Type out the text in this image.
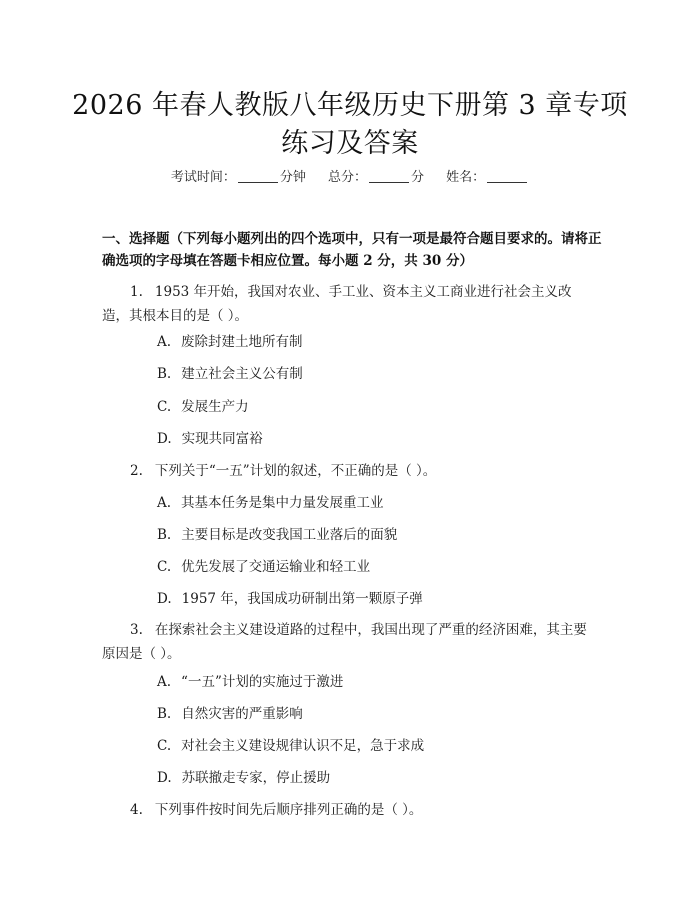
2026 年春人教版八年级历史下册第 3 章专项
练习及答案
考试时间：	分钟 总分：	分 姓名：
一、选择题（下列每小题列出的四个选项中，只有一项是最符合题目要求的。请将正确选项的字母填在答题卡相应位置。每小题 2 分，共 30 分）
1. 1953 年开始，我国对农业、手工业、资本主义工商业进行社会主义改造，其根本目的是（ ）。
A. 废除封建土地所有制
B. 建立社会主义公有制
C. 发展生产力
D. 实现共同富裕
2. 下列关于“一五”计划的叙述，不正确的是（ ）。
A. 其基本任务是集中力量发展重工业
B. 主要目标是改变我国工业落后的面貌
C. 优先发展了交通运输业和轻工业
D. 1957 年，我国成功研制出第一颗原子弹
3. 在探索社会主义建设道路的过程中，我国出现了严重的经济困难，其主要原因是（ ）。
A. “一五”计划的实施过于激进
B. 自然灾害的严重影响
C. 对社会主义建设规律认识不足，急于求成
D. 苏联撤走专家，停止援助
4. 下列事件按时间先后顺序排列正确的是（ ）。
